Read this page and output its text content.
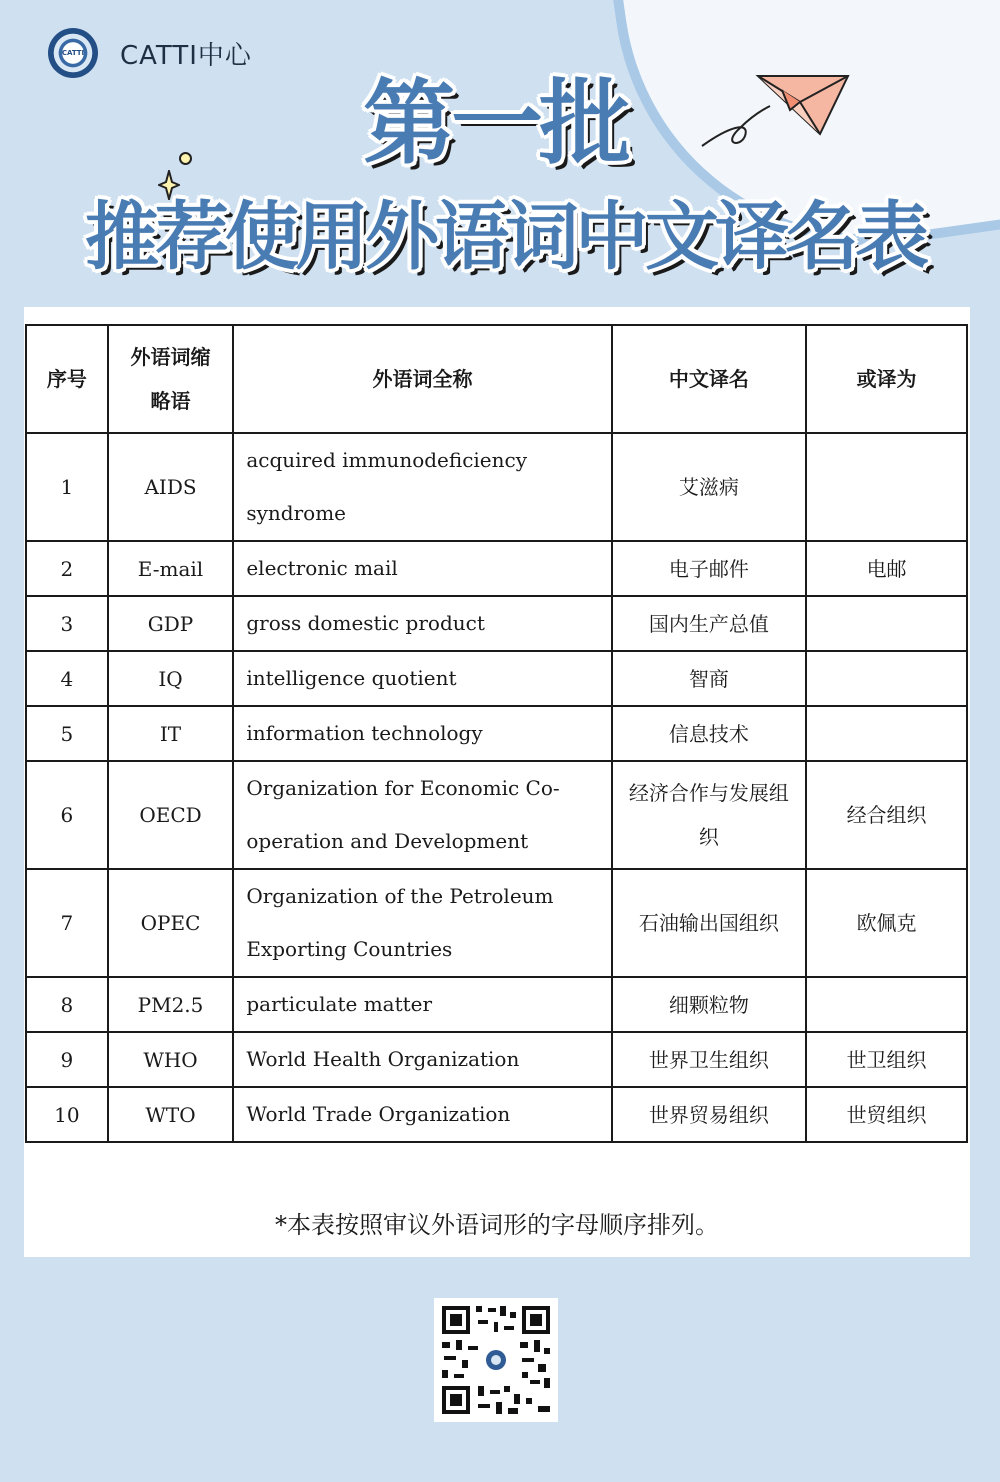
CATTI CATTI中心
第一批
推荐使用外语词中文译名表
序号	外语词缩略语	外语词全称	中文译名	或译为
1	AIDS	acquired immunodeficiency syndrome	艾滋病	
2	E-mail	electronic mail	电子邮件	电邮
3	GDP	gross domestic product	国内生产总值	
4	IQ	intelligence quotient	智商	
5	IT	information technology	信息技术	
6	OECD	Organization for Economic Co-operation and Development	经济合作与发展组织	经合组织
7	OPEC	Organization of the Petroleum Exporting Countries	石油输出国组织	欧佩克
8	PM2.5	particulate matter	细颗粒物	
9	WHO	World Health Organization	世界卫生组织	世卫组织
10	WTO	World Trade Organization	世界贸易组织	世贸组织
*本表按照审议外语词形的字母顺序排列。
